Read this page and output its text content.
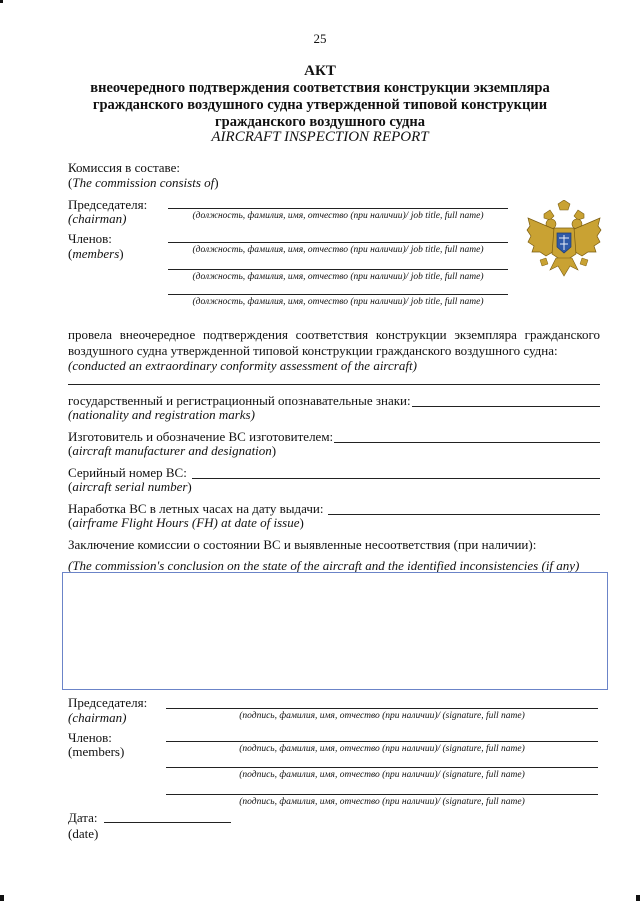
25
АКТ
внеочередного подтверждения соответствия конструкции экземпляра
гражданского воздушного судна утвержденной типовой конструкции
гражданского воздушного судна
AIRCRAFT INSPECTION REPORT
Комиссия в составе:
(The commission consists of)
Председателя:
(chairman)	(должность, фамилия, имя, отчество (при наличии)/ job title, full name)
Членов:
(members)	(должность, фамилия, имя, отчество (при наличии)/ job title, full name)
(должность, фамилия, имя, отчество (при наличии)/ job title, full name)
(должность, фамилия, имя, отчество (при наличии)/ job title, full name)
провела внеочередное подтверждения соответствия конструкции экземпляра гражданского воздушного судна утвержденной типовой конструкции гражданского воздушного судна:
(conducted an extraordinary conformity assessment of the aircraft)
государственный и регистрационный опознавательные знаки:
(nationality and registration marks)
Изготовитель и обозначение ВС изготовителем:
(aircraft manufacturer and designation)
Серийный номер ВС:
(aircraft serial number)
Наработка ВС в летных часах на дату выдачи:
(airframe Flight Hours (FH) at date of issue)
Заключение комиссии о состоянии ВС и выявленные несоответствия (при наличии):
(The commission's conclusion on the state of the aircraft and the identified inconsistencies (if any)
Председателя:
(chairman)	(подпись, фамилия, имя, отчество (при наличии)/ (signature, full name)
Членов:
(members)	(подпись, фамилия, имя, отчество (при наличии)/ (signature, full name)
(подпись, фамилия, имя, отчество (при наличии)/ (signature, full name)
(подпись, фамилия, имя, отчество (при наличии)/ (signature, full name)
Дата:
(date)
